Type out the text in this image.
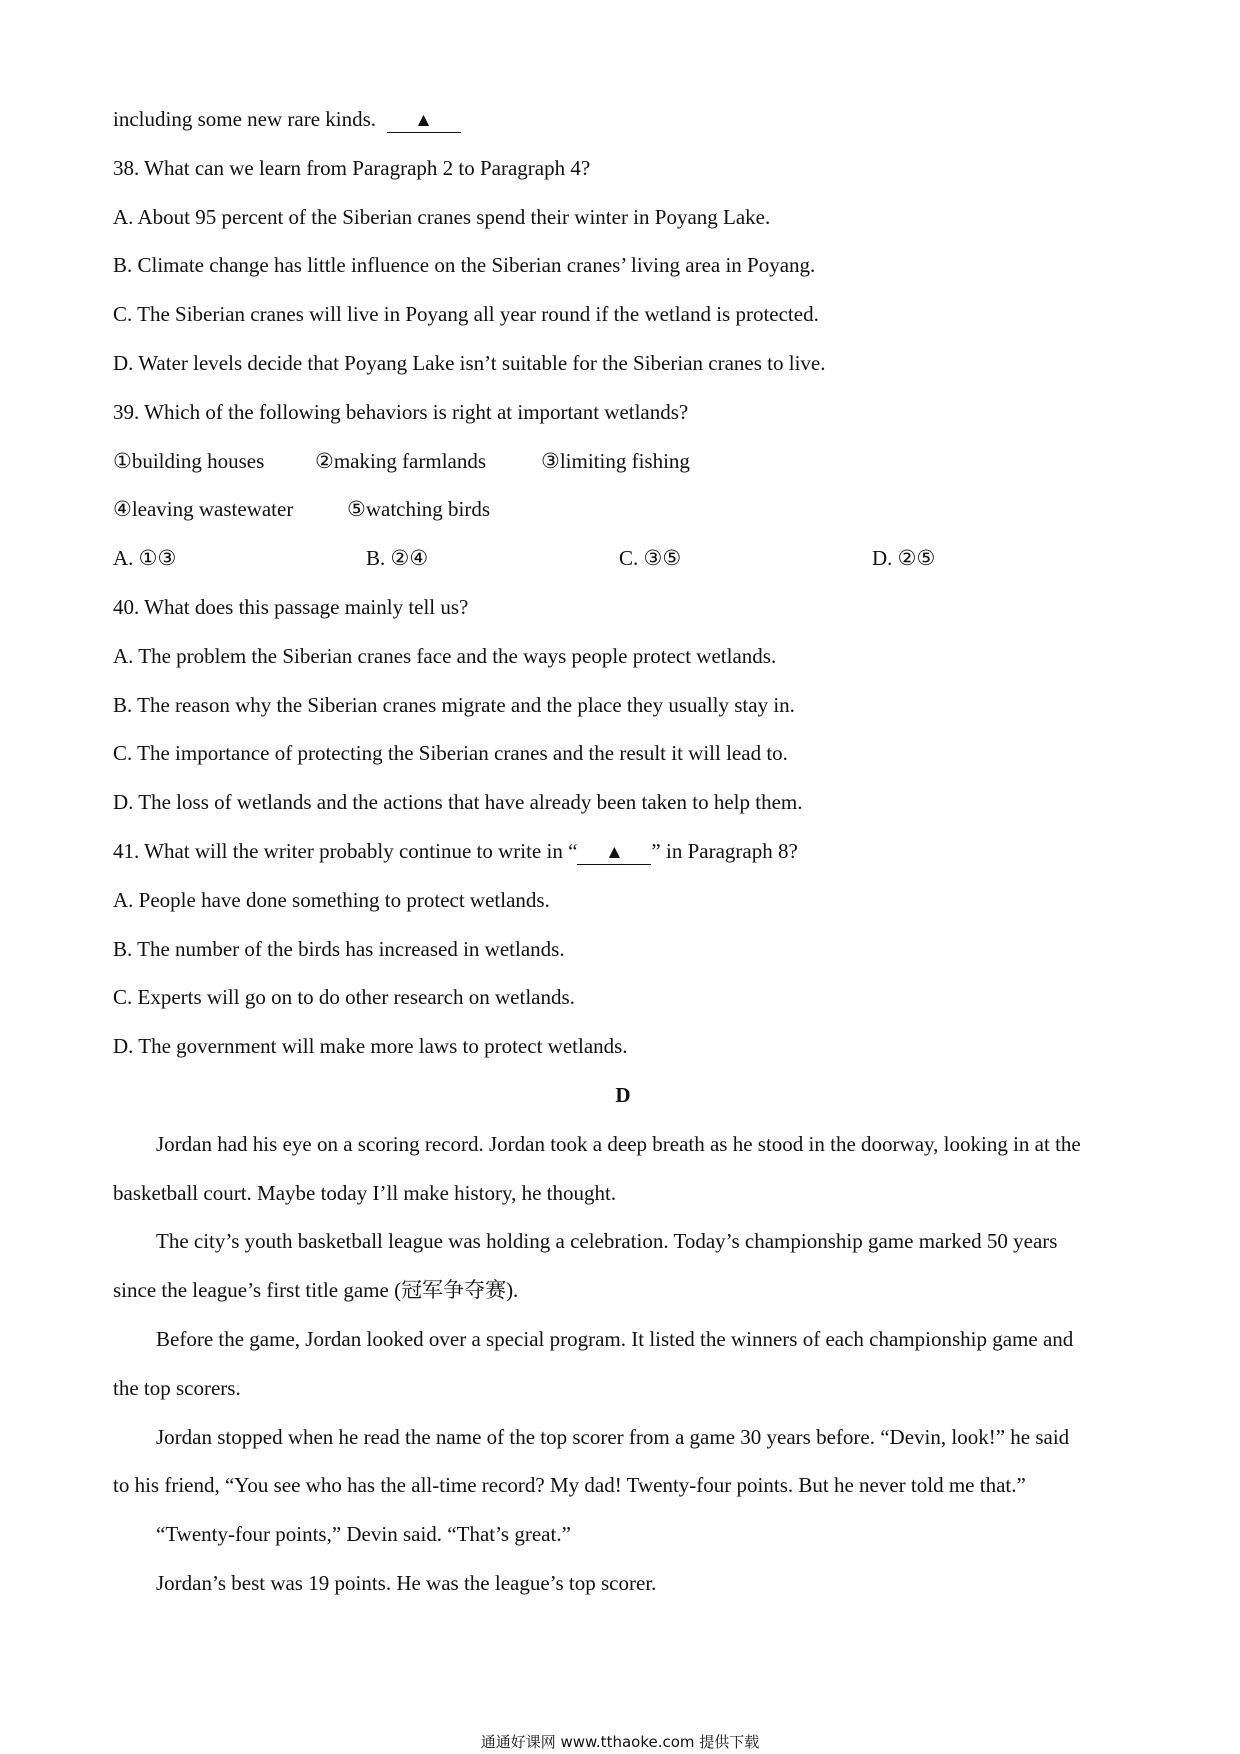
including some new rare kinds. ▲
38. What can we learn from Paragraph 2 to Paragraph 4?
A. About 95 percent of the Siberian cranes spend their winter in Poyang Lake.
B. Climate change has little influence on the Siberian cranes’ living area in Poyang.
C. The Siberian cranes will live in Poyang all year round if the wetland is protected.
D. Water levels decide that Poyang Lake isn’t suitable for the Siberian cranes to live.
39. Which of the following behaviors is right at important wetlands?
①building houses ②making farmlands	③limiting fishing
④leaving wastewater	⑤watching birds
A. ①③	B. ②④	C. ③⑤	D. ②⑤
40. What does this passage mainly tell us?
A. The problem the Siberian cranes face and the ways people protect wetlands.
B. The reason why the Siberian cranes migrate and the place they usually stay in.
C. The importance of protecting the Siberian cranes and the result it will lead to.
D. The loss of wetlands and the actions that have already been taken to help them.
41. What will the writer probably continue to write in “ ▲ ” in Paragraph 8?
A. People have done something to protect wetlands.
B. The number of the birds has increased in wetlands.
C. Experts will go on to do other research on wetlands.
D. The government will make more laws to protect wetlands.
D
Jordan had his eye on a scoring record. Jordan took a deep breath as he stood in the doorway, looking in at the
basketball court. Maybe today I’ll make history, he thought.
The city’s youth basketball league was holding a celebration. Today’s championship game marked 50 years
since the league’s first title game (冠军争夺赛).
Before the game, Jordan looked over a special program. It listed the winners of each championship game and
the top scorers.
Jordan stopped when he read the name of the top scorer from a game 30 years before. “Devin, look!” he said
to his friend, “You see who has the all-time record? My dad! Twenty-four points. But he never told me that.”
“Twenty-four points,” Devin said. “That’s great.”
Jordan’s best was 19 points. He was the league’s top scorer.
通通好课网 www.tthaoke.com 提供下载
